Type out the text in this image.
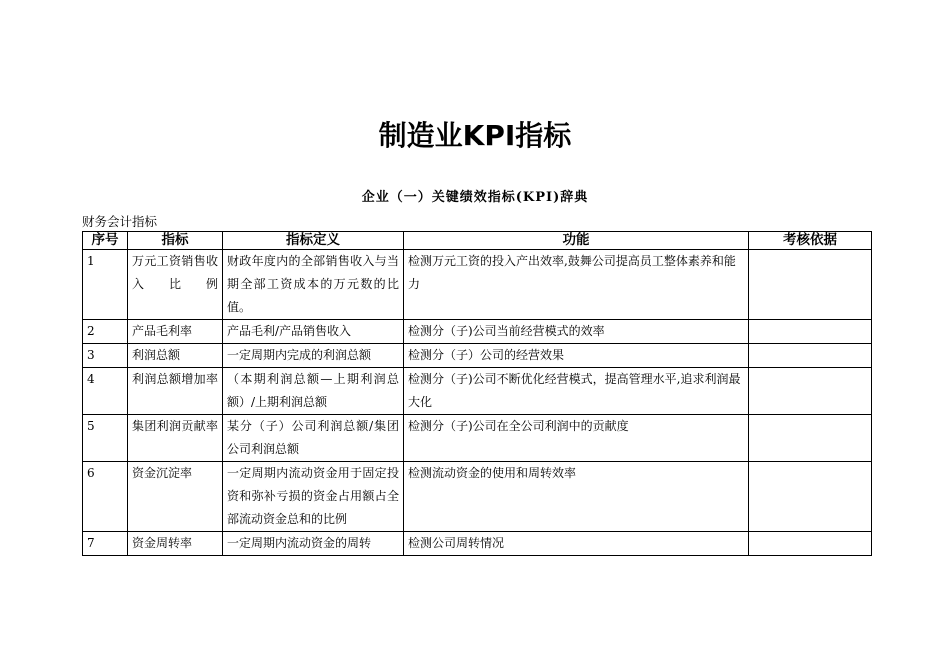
制造业KPI指标
企业（一）关键绩效指标(KPI)辞典
财务会计指标
序号	指标	指标定义	功能	考核依据
1	万元工资销售收入比例	财政年度内的全部销售收入与当期全部工资成本的万元数的比值。	检测万元工资的投入产出效率,鼓舞公司提高员工整体素养和能力	
2	产品毛利率	产品毛利/产品销售收入	检测分（子)公司当前经营模式的效率	
3	利润总额	一定周期内完成的利润总额	检测分（子）公司的经营效果	
4	利润总额增加率	（本期利润总额—上期利润总额）/上期利润总额	检测分（子)公司不断优化经营模式，提高管理水平,追求利润最大化	
5	集团利润贡献率	某分（子）公司利润总额/集团公司利润总额	检测分（子)公司在全公司利润中的贡献度	
6	资金沉淀率	一定周期内流动资金用于固定投资和弥补亏损的资金占用额占全部流动资金总和的比例	检测流动资金的使用和周转效率	
7	资金周转率	一定周期内流动资金的周转	检测公司周转情况	
